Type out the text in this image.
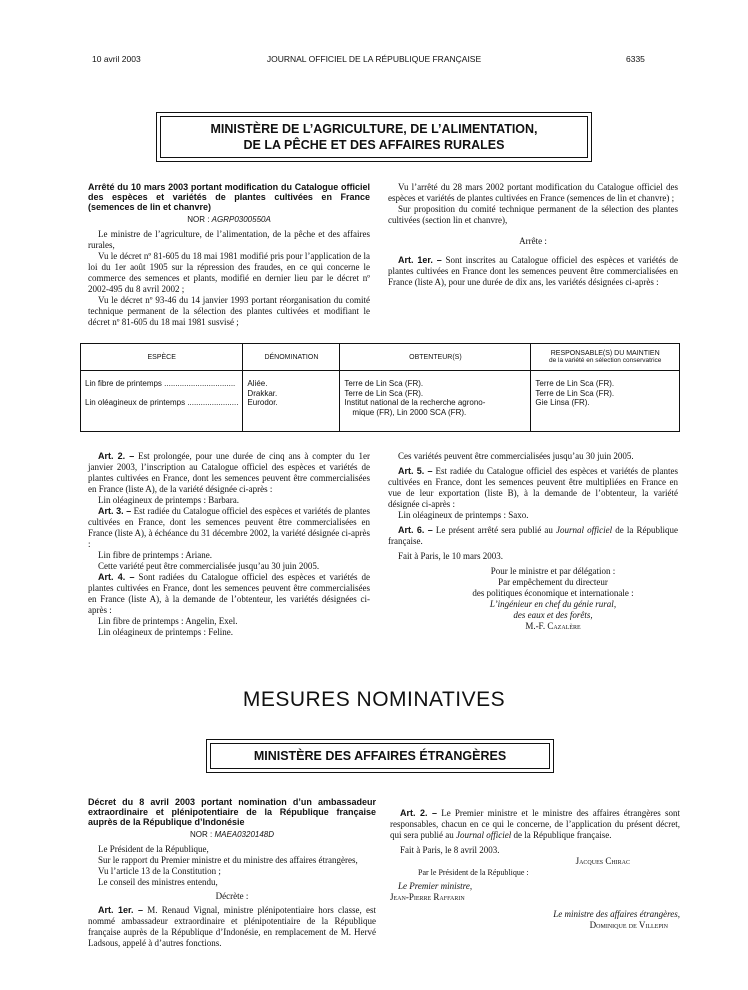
10 avril 2003	JOURNAL OFFICIEL DE LA RÉPUBLIQUE FRANÇAISE	6335
MINISTÈRE DE L’AGRICULTURE, DE L’ALIMENTATION,
DE LA PÊCHE ET DES AFFAIRES RURALES
Arrêté du 10 mars 2003 portant modification du Catalogue officiel des espèces et variétés de plantes cultivées en France (semences de lin et chanvre)
NOR : AGRP0300550A

Le ministre de l’agriculture, de l’alimentation, de la pêche et des affaires rurales,

Vu le décret nº 81-605 du 18 mai 1981 modifié pris pour l’application de la loi du 1er août 1905 sur la répression des fraudes, en ce qui concerne le commerce des semences et plants, modifié en dernier lieu par le décret nº 2002-495 du 8 avril 2002 ;

Vu le décret nº 93-46 du 14 janvier 1993 portant réorganisation du comité technique permanent de la sélection des plantes cultivées et modifiant le décret nº 81-605 du 18 mai 1981 susvisé ;

Vu l’arrêté du 28 mars 2002 portant modification du Catalogue officiel des espèces et variétés de plantes cultivées en France (semences de lin et chanvre) ;

Sur proposition du comité technique permanent de la sélection des plantes cultivées (section lin et chanvre),

Arrête :

Art. 1er. – Sont inscrites au Catalogue officiel des espèces et variétés de plantes cultivées en France dont les semences peuvent être commercialisées en France (liste A), pour une durée de dix ans, les variétés désignées ci-après :

ESPÈCE	DÉNOMINATION	OBTENTEUR(S)	RESPONSABLE(S) DU MAINTIEN
de la variété en sélection conservatrice

Lin fibre de printemps ................................
Lin oléagineux de printemps .......................	Aliée.
Drakkar.
Eurodor.	Terre de Lin Sca (FR).
Terre de Lin Sca (FR).
Institut national de la recherche agrono-
mique (FR), Lin 2000 SCA (FR).	Terre de Lin Sca (FR).
Terre de Lin Sca (FR).
Gie Linsa (FR).

Art. 2. – Est prolongée, pour une durée de cinq ans à compter du 1er janvier 2003, l’inscription au Catalogue officiel des espèces et variétés de plantes cultivées en France, dont les semences peuvent être commercialisées en France (liste A), de la variété désignée ci-après :

Lin oléagineux de printemps : Barbara.

Art. 3. – Est radiée du Catalogue officiel des espèces et variétés de plantes cultivées en France, dont les semences peuvent être commercialisées en France (liste A), à échéance du 31 décembre 2002, la variété désignée ci-après :

Lin fibre de printemps : Ariane.

Cette variété peut être commercialisée jusqu’au 30 juin 2005.

Art. 4. – Sont radiées du Catalogue officiel des espèces et variétés de plantes cultivées en France, dont les semences peuvent être commercialisées en France (liste A), à la demande de l’obtenteur, les variétés désignées ci-après :

Lin fibre de printemps : Angelin, Exel.

Lin oléagineux de printemps : Feline.

Ces variétés peuvent être commercialisées jusqu’au 30 juin 2005.

Art. 5. – Est radiée du Catalogue officiel des espèces et variétés de plantes cultivées en France, dont les semences peuvent être multipliées en France en vue de leur exportation (liste B), à la demande de l’obtenteur, la variété désignée ci-après :

Lin oléagineux de printemps : Saxo.

Art. 6. – Le présent arrêté sera publié au Journal officiel de la République française.

Fait à Paris, le 10 mars 2003.

Pour le ministre et par délégation :
Par empêchement du directeur
des politiques économique et internationale :
L’ingénieur en chef du génie rural,
des eaux et des forêts,
M.-F. Cazalère
MESURES NOMINATIVES
MINISTÈRE DES AFFAIRES ÉTRANGÈRES
Décret du 8 avril 2003 portant nomination d’un ambassadeur extraordinaire et plénipotentiaire de la République française auprès de la République d’Indonésie
NOR : MAEA0320148D

Le Président de la République,

Sur le rapport du Premier ministre et du ministre des affaires étrangères,

Vu l’article 13 de la Constitution ;

Le conseil des ministres entendu,

Décrète :

Art. 1er. – M. Renaud Vignal, ministre plénipotentiaire hors classe, est nommé ambassadeur extraordinaire et plénipotentiaire de la République française auprès de la République d’Indonésie, en remplacement de M. Hervé Ladsous, appelé à d’autres fonctions.

Art. 2. – Le Premier ministre et le ministre des affaires étrangères sont responsables, chacun en ce qui le concerne, de l’application du présent décret, qui sera publié au Journal officiel de la République française.

Fait à Paris, le 8 avril 2003.

Jacques Chirac
Par le Président de la République :
Le Premier ministre,
Jean-Pierre Raffarin
Le ministre des affaires étrangères,
Dominique de Villepin
